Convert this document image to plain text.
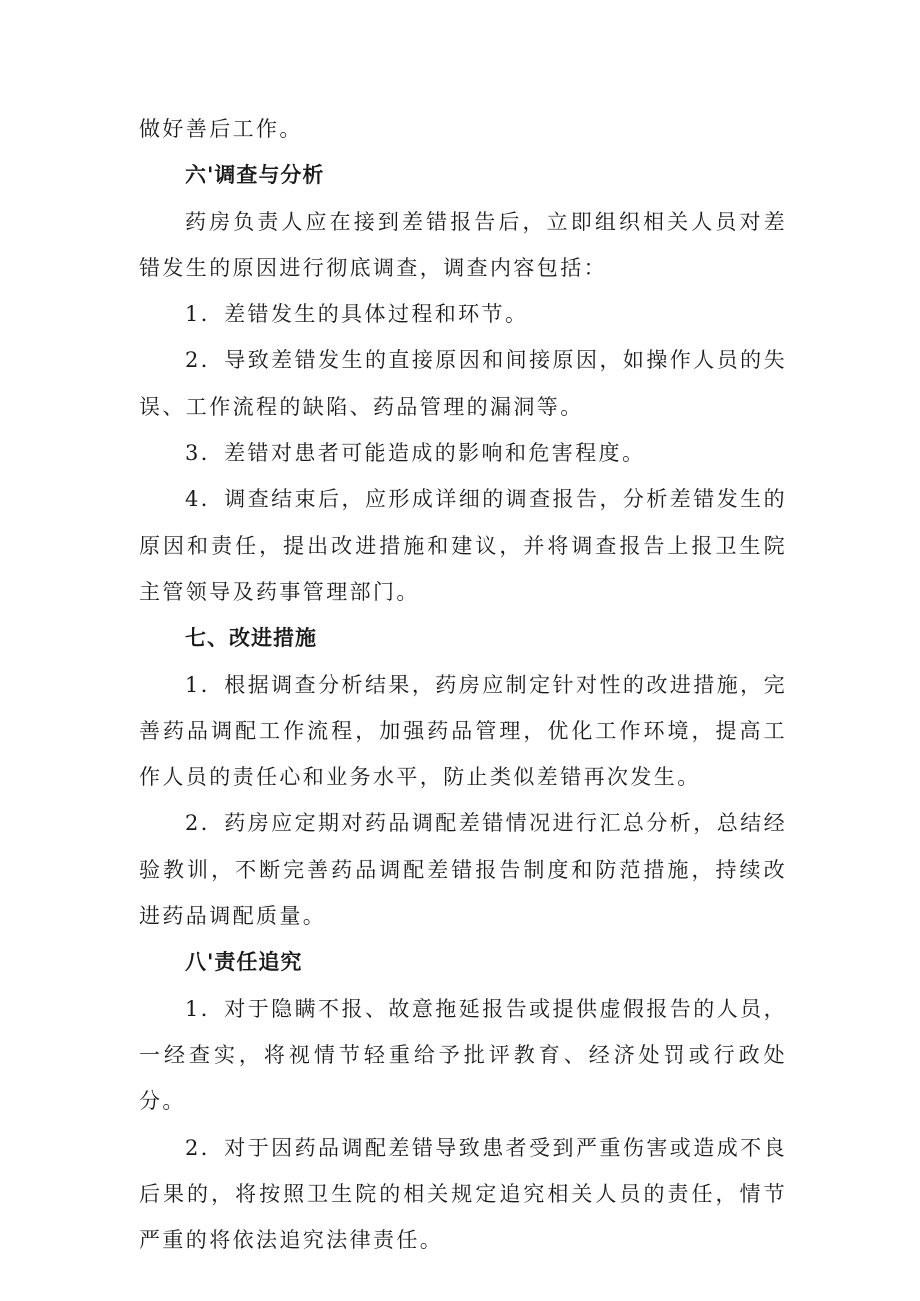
做好善后工作。

六'调查与分析

药房负责人应在接到差错报告后，立即组织相关人员对差错发生的原因进行彻底调查，调查内容包括：

1．差错发生的具体过程和环节。

2．导致差错发生的直接原因和间接原因，如操作人员的失误、工作流程的缺陷、药品管理的漏洞等。

3．差错对患者可能造成的影响和危害程度。

4．调查结束后，应形成详细的调查报告，分析差错发生的原因和责任，提出改进措施和建议，并将调查报告上报卫生院主管领导及药事管理部门。

七、改进措施

1．根据调查分析结果，药房应制定针对性的改进措施，完善药品调配工作流程，加强药品管理，优化工作环境，提高工作人员的责任心和业务水平，防止类似差错再次发生。

2．药房应定期对药品调配差错情况进行汇总分析，总结经验教训，不断完善药品调配差错报告制度和防范措施，持续改进药品调配质量。

八'责任追究

1．对于隐瞒不报、故意拖延报告或提供虚假报告的人员，一经查实，将视情节轻重给予批评教育、经济处罚或行政处分。

2．对于因药品调配差错导致患者受到严重伤害或造成不良后果的，将按照卫生院的相关规定追究相关人员的责任，情节严重的将依法追究法律责任。
